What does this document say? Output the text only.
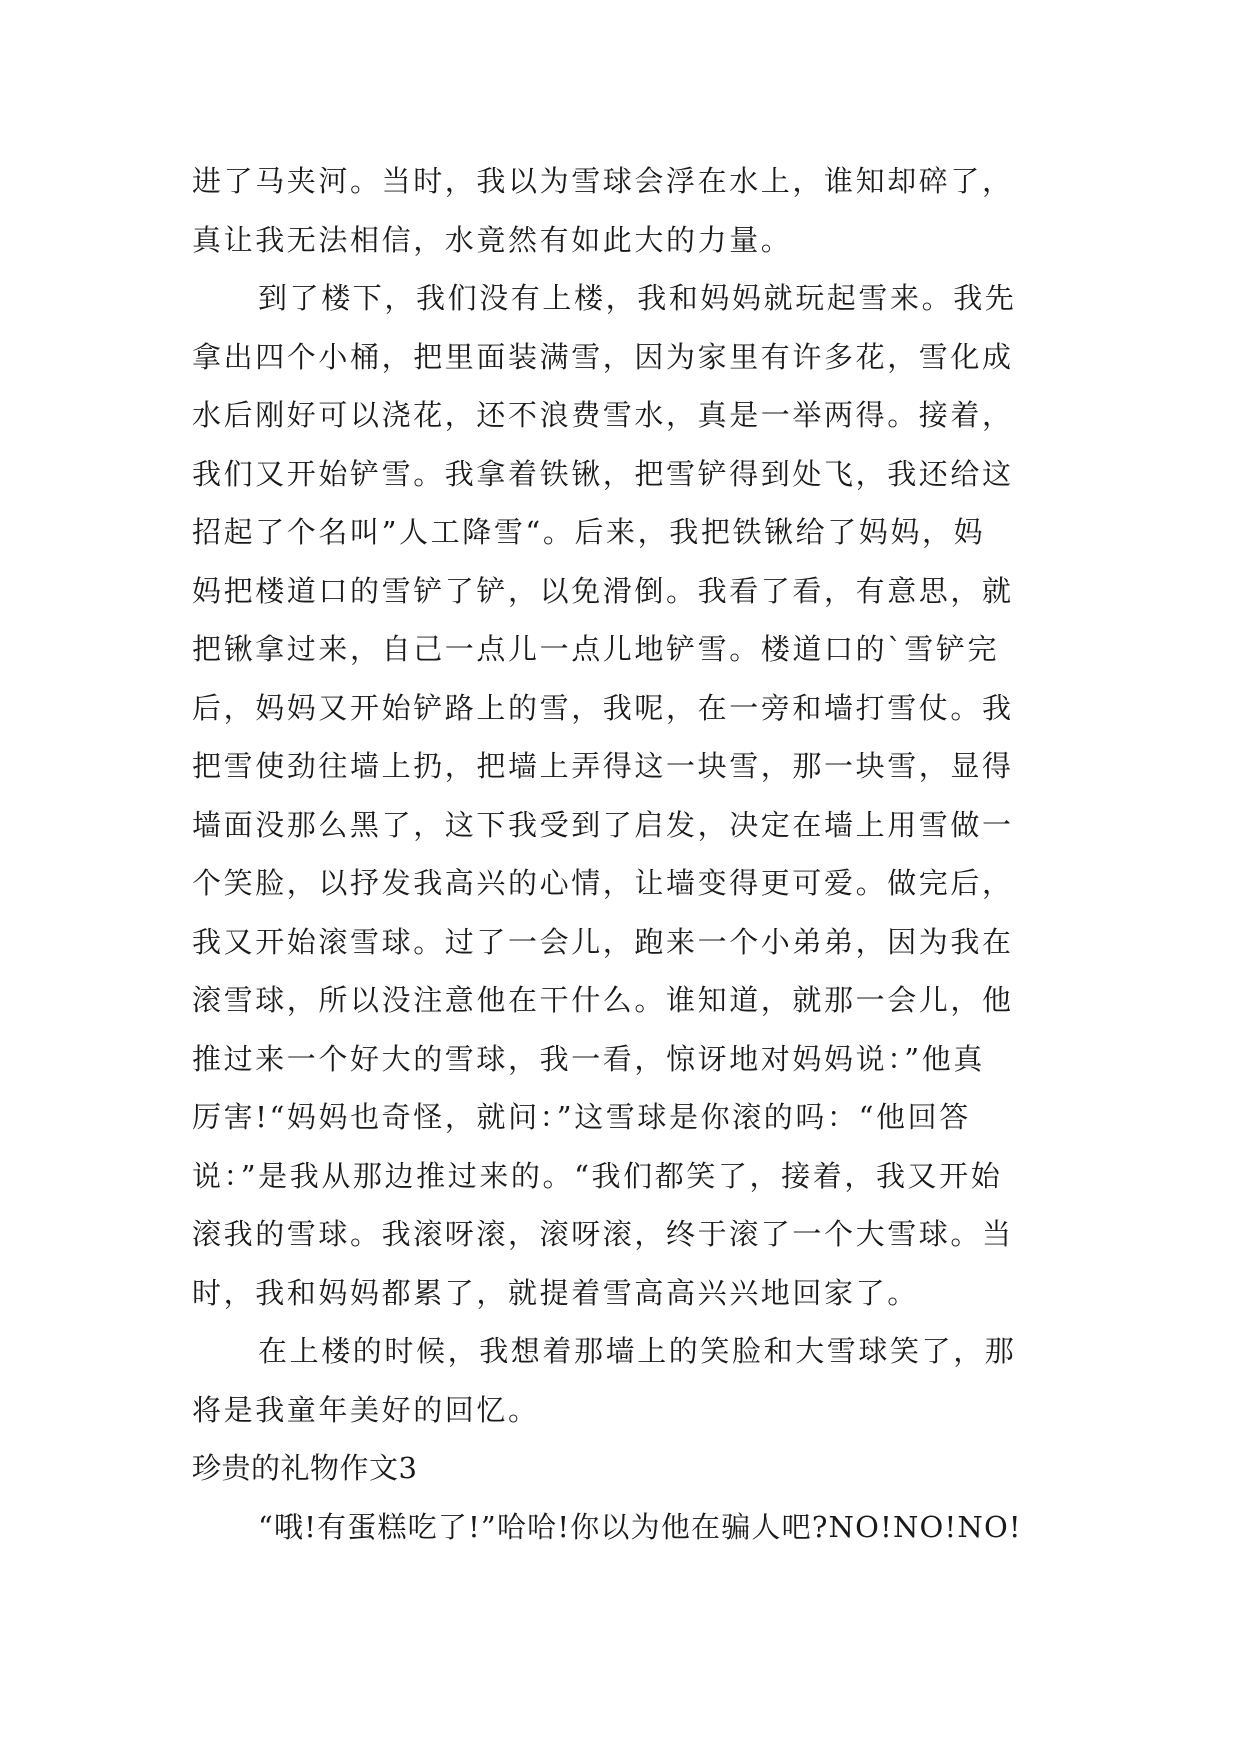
进了马夹河。当时，我以为雪球会浮在水上，谁知却碎了，
真让我无法相信，水竟然有如此大的力量。
到了楼下，我们没有上楼，我和妈妈就玩起雪来。我先
拿出四个小桶，把里面装满雪，因为家里有许多花，雪化成
水后刚好可以浇花，还不浪费雪水，真是一举两得。接着，
我们又开始铲雪。我拿着铁锹，把雪铲得到处飞，我还给这
招起了个名叫”人工降雪“。后来，我把铁锹给了妈妈，妈
妈把楼道口的雪铲了铲，以免滑倒。我看了看，有意思，就
把锹拿过来，自己一点儿一点儿地铲雪。楼道口的`雪铲完
后，妈妈又开始铲路上的雪，我呢，在一旁和墙打雪仗。我
把雪使劲往墙上扔，把墙上弄得这一块雪，那一块雪，显得
墙面没那么黑了，这下我受到了启发，决定在墙上用雪做一
个笑脸，以抒发我高兴的心情，让墙变得更可爱。做完后，
我又开始滚雪球。过了一会儿，跑来一个小弟弟，因为我在
滚雪球，所以没注意他在干什么。谁知道，就那一会儿，他
推过来一个好大的雪球，我一看，惊讶地对妈妈说：”他真
厉害!“妈妈也奇怪，就问：”这雪球是你滚的吗：“他回答
说：”是我从那边推过来的。“我们都笑了，接着，我又开始
滚我的雪球。我滚呀滚，滚呀滚，终于滚了一个大雪球。当
时，我和妈妈都累了，就提着雪高高兴兴地回家了。
在上楼的时候，我想着那墙上的笑脸和大雪球笑了，那
将是我童年美好的回忆。
珍贵的礼物作文3
“哦!有蛋糕吃了!”哈哈!你以为他在骗人吧?NO!NO!NO!
